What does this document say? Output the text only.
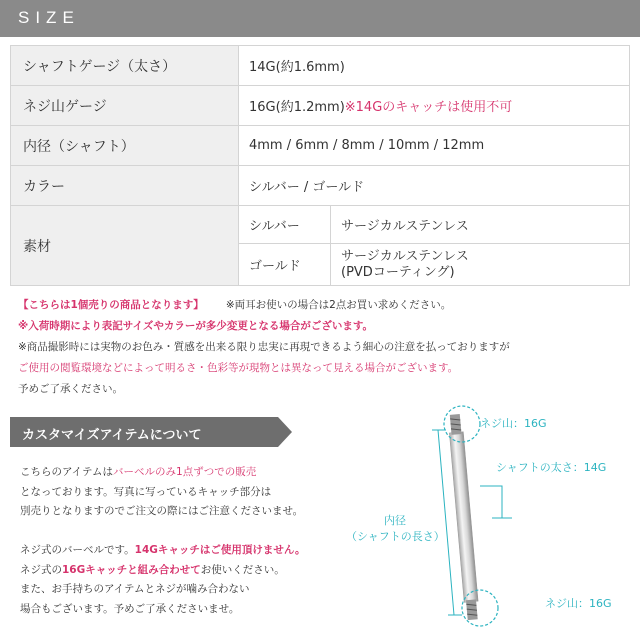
SIZE
シャフトゲージ（太さ）	14G(約1.6mm)	
ネジ山ゲージ	16G(約1.2mm)※14Gのキャッチは使用不可	
内径（シャフト）	4mm / 6mm / 8mm / 10mm / 12mm	
カラー	シルバー / ゴールド	
素材	シルバー	サージカルステンレス
	ゴールド	サージカルステンレス
(PVDコーティング)
【こちらは1個売りの商品となります】 ※両耳お使いの場合は2点お買い求めください。
※入荷時期により表記サイズやカラーが多少変更となる場合がございます。
※商品撮影時には実物のお色み・質感を出来る限り忠実に再現できるよう細心の注意を払っておりますが
ご使用の閲覧環境などによって明るさ・色彩等が現物とは異なって見える場合がございます。
予めご了承ください。
カスタマイズアイテムについて
こちらのアイテムはバーベルのみ1点ずつでの販売
となっております。写真に写っているキャッチ部分は
別売りとなりますのでご注文の際にはご注意くださいませ。
ネジ式のバーベルです。14Gキャッチはご使用頂けません。
ネジ式の16Gキャッチと組み合わせてお使いください。
また、お手持ちのアイテムとネジが噛み合わない
場合もございます。予めご了承くださいませ。
ネジ山：16G
シャフトの太さ：14G
内径
（シャフトの長さ）
ネジ山：16G
